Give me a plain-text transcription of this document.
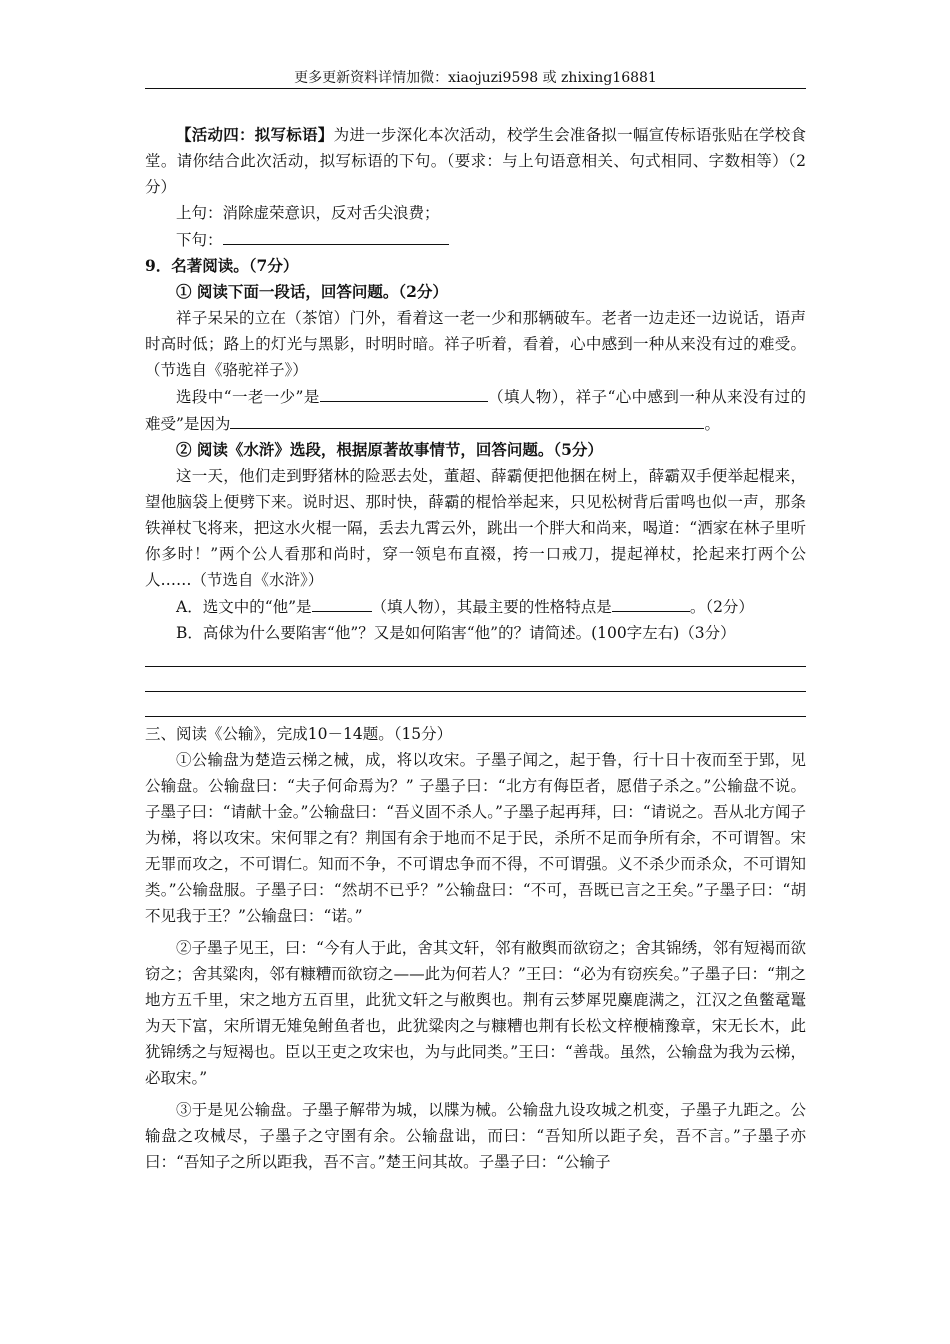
更多更新资料详情加微：xiaojuzi9598 或 zhixing16881

【活动四：拟写标语】为进一步深化本次活动，校学生会准备拟一幅宣传标语张贴在学校食堂。请你结合此次活动，拟写标语的下句。（要求：与上句语意相关、句式相同、字数相等）（2分）

上句：消除虚荣意识，反对舌尖浪费；

下句：

9．名著阅读。（7分）

① 阅读下面一段话，回答问题。（2分）

祥子呆呆的立在（茶馆）门外，看着这一老一少和那辆破车。老者一边走还一边说话，语声时高时低；路上的灯光与黑影，时明时暗。祥子听着，看着，心中感到一种从来没有过的难受。 （节选自《骆驼祥子》）

选段中“一老一少”是	（填人物），祥子“心中感到一种从来没有过的难受”是因为	。

② 阅读《水浒》选段，根据原著故事情节，回答问题。（5分）

这一天，他们走到野猪林的险恶去处，董超、薛霸便把他捆在树上，薛霸双手便举起棍来，望他脑袋上便劈下来。说时迟、那时快，薛霸的棍恰举起来，只见松树背后雷鸣也似一声，那条铁禅杖飞将来，把这水火棍一隔，丢去九霄云外，跳出一个胖大和尚来，喝道：“洒家在林子里听你多时！”两个公人看那和尚时，穿一领皂布直裰，挎一口戒刀，提起禅杖，抡起来打两个公人……（节选自《水浒》）

A．选文中的“他”是	（填人物），其最主要的性格特点是	。（2分）

B．高俅为什么要陷害“他”？又是如何陷害“他”的？请简述。(100字左右)（3分）

三、阅读《公输》，完成10－14题。（15分）

①公输盘为楚造云梯之械，成，将以攻宋。子墨子闻之，起于鲁，行十日十夜而至于郢，见公输盘。公输盘曰：“夫子何命焉为？” 子墨子曰：“北方有侮臣者，愿借子杀之。”公输盘不说。子墨子曰：“请献十金。”公输盘曰：“吾义固不杀人。”子墨子起再拜，曰：“请说之。吾从北方闻子为梯，将以攻宋。宋何罪之有？荆国有余于地而不足于民，杀所不足而争所有余，不可谓智。宋无罪而攻之，不可谓仁。知而不争，不可谓忠争而不得，不可谓强。义不杀少而杀众，不可谓知类。”公输盘服。子墨子曰：“然胡不已乎？”公输盘曰：“不可，吾既已言之王矣。”子墨子曰：“胡不见我于王？”公输盘曰：“诺。”

②子墨子见王，曰：“今有人于此，舍其文轩，邻有敝舆而欲窃之；舍其锦绣，邻有短褐而欲窃之；舍其粱肉，邻有糠糟而欲窃之——此为何若人？”王曰：“必为有窃疾矣。”子墨子曰：“荆之地方五千里，宋之地方五百里，此犹文轩之与敝舆也。荆有云梦犀兕麋鹿满之，江汉之鱼鳖鼋鼍为天下富，宋所谓无雉兔鲋鱼者也，此犹粱肉之与糠糟也荆有长松文梓楩楠豫章，宋无长木，此犹锦绣之与短褐也。臣以王吏之攻宋也，为与此同类。”王曰：“善哉。虽然，公输盘为我为云梯，必取宋。”

③于是见公输盘。子墨子解带为城，以牒为械。公输盘九设攻城之机变，子墨子九距之。公输盘之攻械尽，子墨子之守圉有余。公输盘诎，而曰：“吾知所以距子矣，吾不言。”子墨子亦曰：“吾知子之所以距我，吾不言。”楚王问其故。子墨子曰：“公输子
